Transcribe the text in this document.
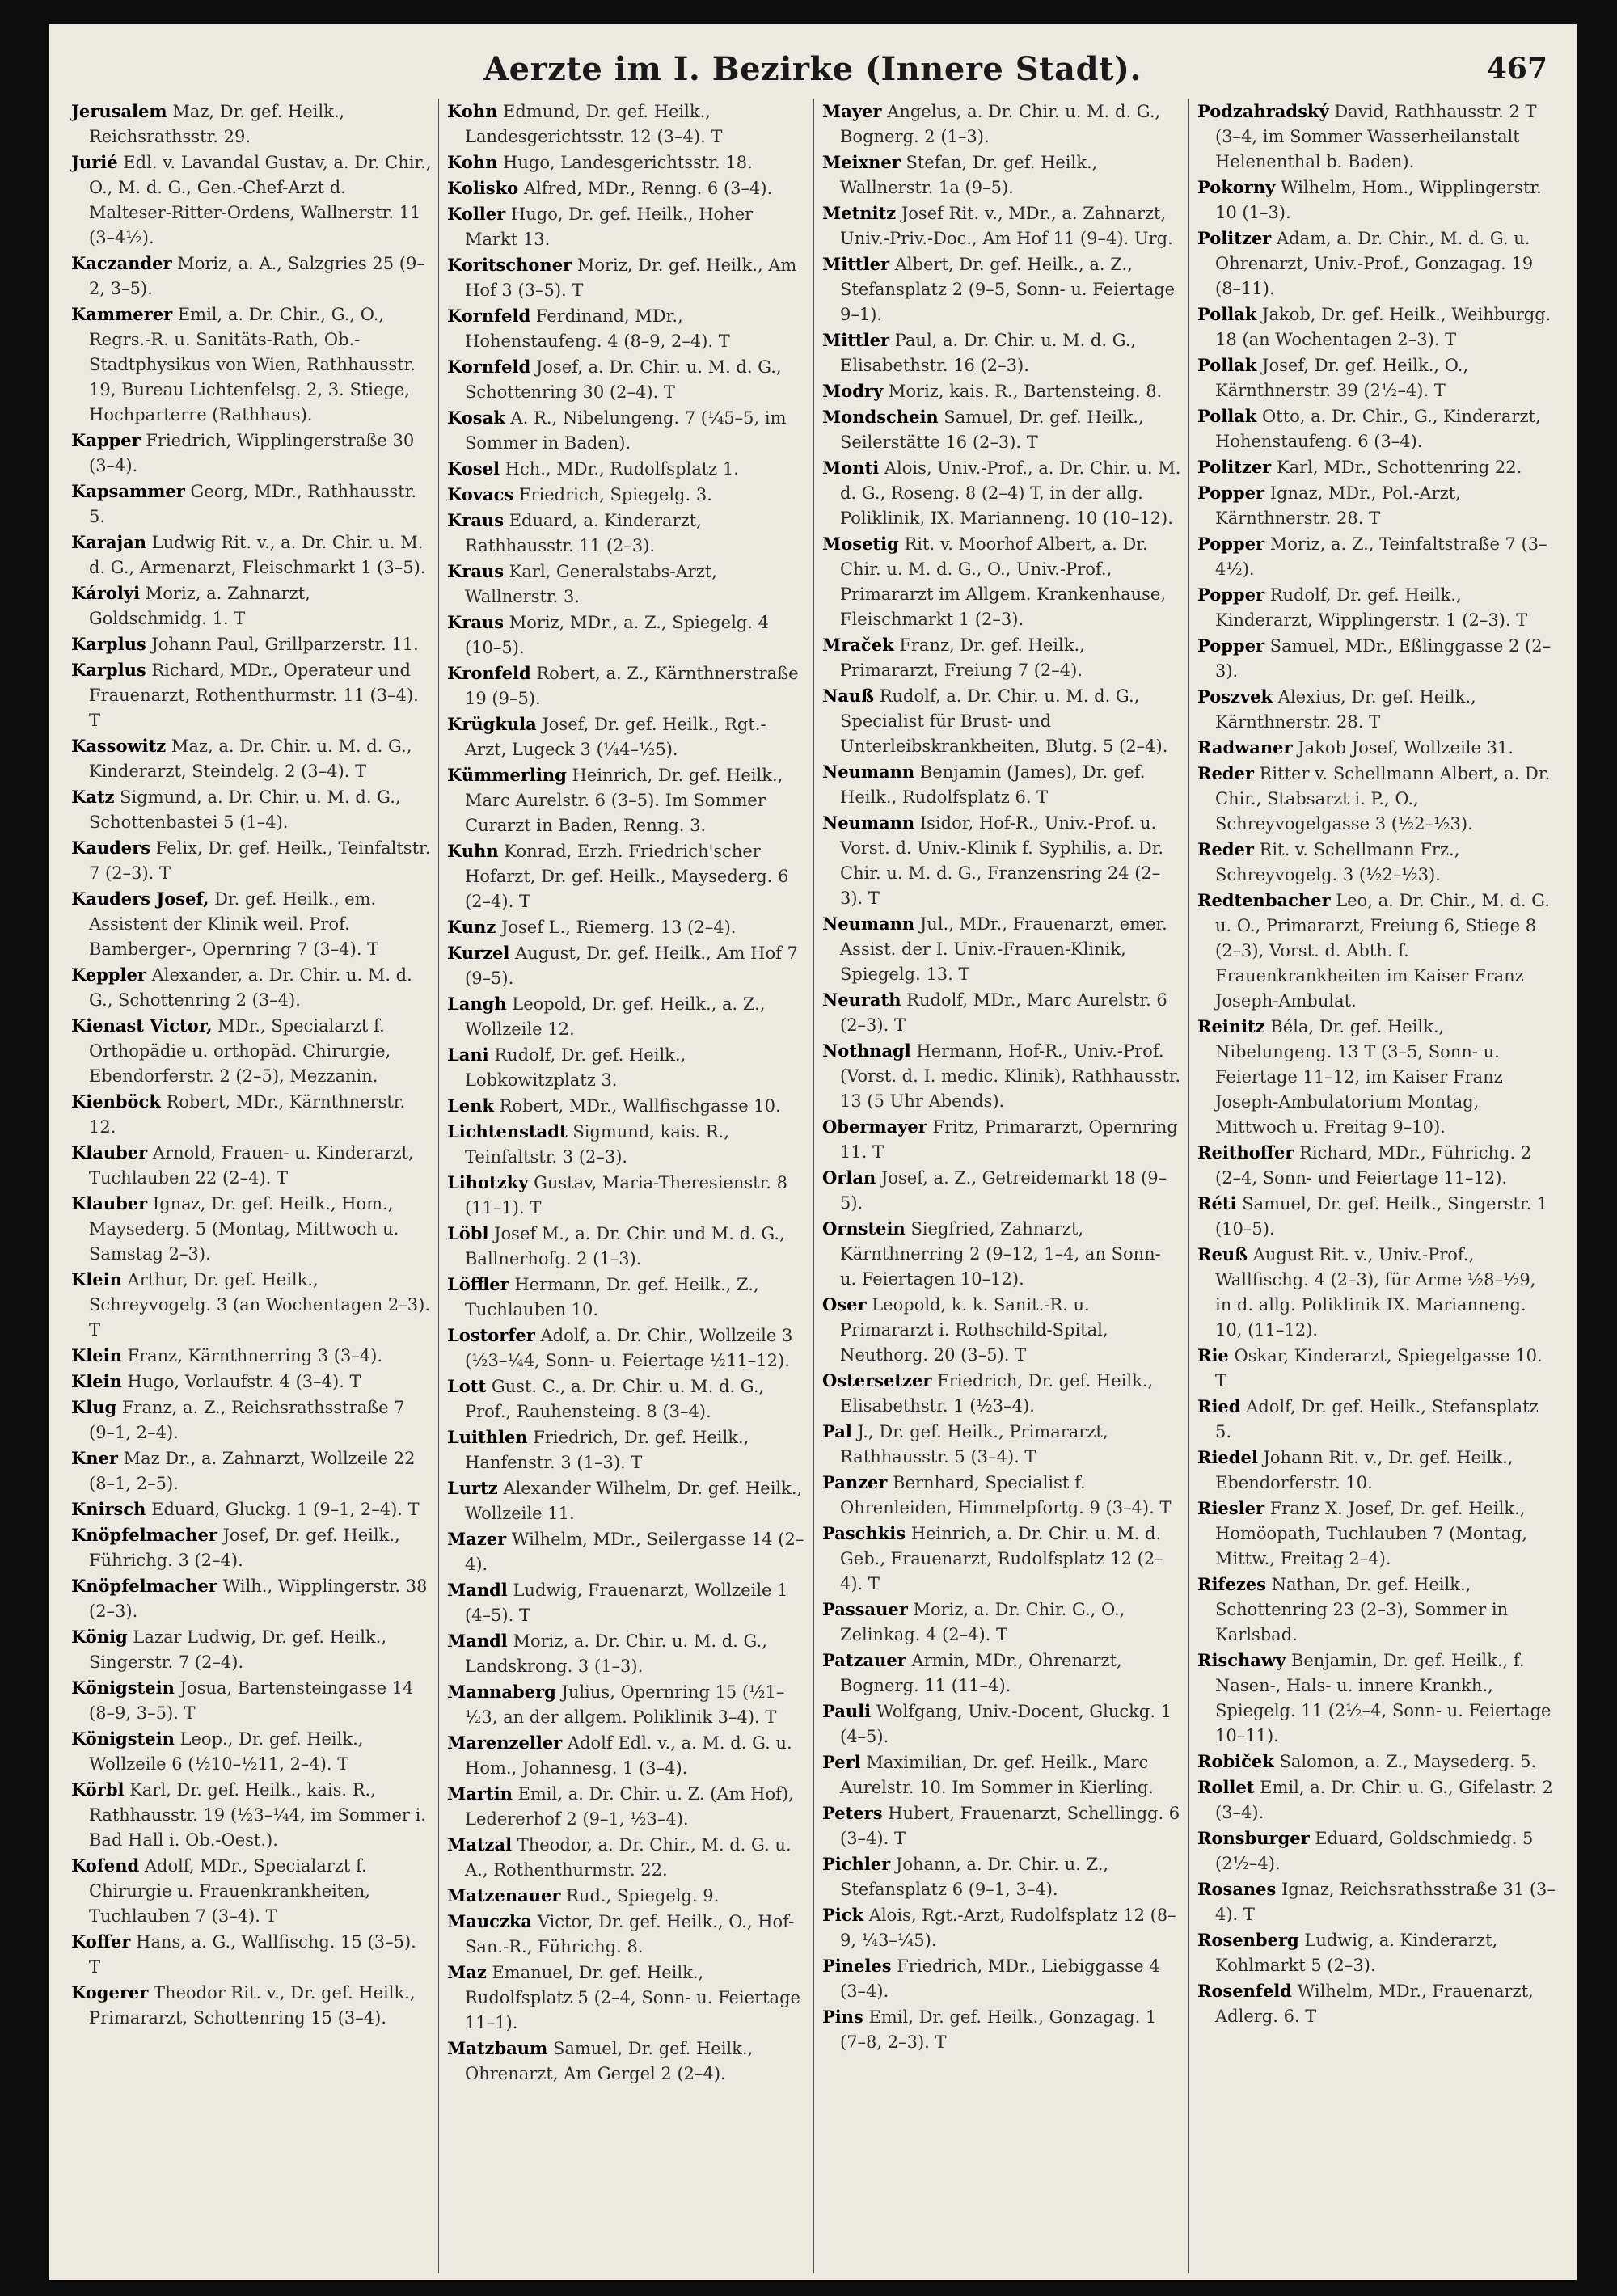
Aerzte im I. Bezirke (Innere Stadt).	467

Jerusalem Maz, Dr. gef. Heilk., Reichsrathsstr. 29.

Jurié Edl. v. Lavandal Gustav, a. Dr. Chir., O., M. d. G., Gen.-Chef-Arzt d. Malteser-Ritter-Ordens, Wallnerstr. 11 (3–4½).

Kaczander Moriz, a. A., Salzgries 25 (9–2, 3–5).

Kammerer Emil, a. Dr. Chir., G., O., Regrs.-R. u. Sanitäts-Rath, Ob.-Stadtphysikus von Wien, Rathhausstr. 19, Bureau Lichtenfelsg. 2, 3. Stiege, Hochparterre (Rathhaus).

Kapper Friedrich, Wipplingerstraße 30 (3–4).

Kapsammer Georg, MDr., Rathhausstr. 5.

Karajan Ludwig Rit. v., a. Dr. Chir. u. M. d. G., Armenarzt, Fleischmarkt 1 (3–5).

Károlyi Moriz, a. Zahnarzt, Goldschmidg. 1. T

Karplus Johann Paul, Grillparzerstr. 11.

Karplus Richard, MDr., Operateur und Frauenarzt, Rothenthurmstr. 11 (3–4). T

Kassowitz Maz, a. Dr. Chir. u. M. d. G., Kinderarzt, Steindelg. 2 (3–4). T

Katz Sigmund, a. Dr. Chir. u. M. d. G., Schottenbastei 5 (1–4).

Kauders Felix, Dr. gef. Heilk., Teinfaltstr. 7 (2–3). T

Kauders Josef, Dr. gef. Heilk., em. Assistent der Klinik weil. Prof. Bamberger-, Opernring 7 (3–4). T

Keppler Alexander, a. Dr. Chir. u. M. d. G., Schottenring 2 (3–4).

Kienast Victor, MDr., Specialarzt f. Orthopädie u. orthopäd. Chirurgie, Ebendorferstr. 2 (2–5), Mezzanin.

Kienböck Robert, MDr., Kärnthnerstr. 12.

Klauber Arnold, Frauen- u. Kinderarzt, Tuchlauben 22 (2–4). T

Klauber Ignaz, Dr. gef. Heilk., Hom., Maysederg. 5 (Montag, Mittwoch u. Samstag 2–3).

Klein Arthur, Dr. gef. Heilk., Schreyvogelg. 3 (an Wochentagen 2–3). T

Klein Franz, Kärnthnerring 3 (3–4).

Klein Hugo, Vorlaufstr. 4 (3–4). T

Klug Franz, a. Z., Reichsrathsstraße 7 (9–1, 2–4).

Kner Maz Dr., a. Zahnarzt, Wollzeile 22 (8–1, 2–5).

Knirsch Eduard, Gluckg. 1 (9–1, 2–4). T

Knöpfelmacher Josef, Dr. gef. Heilk., Führichg. 3 (2–4).

Knöpfelmacher Wilh., Wipplingerstr. 38 (2–3).

König Lazar Ludwig, Dr. gef. Heilk., Singerstr. 7 (2–4).

Königstein Josua, Bartensteingasse 14 (8–9, 3–5). T

Königstein Leop., Dr. gef. Heilk., Wollzeile 6 (½10–½11, 2–4). T

Körbl Karl, Dr. gef. Heilk., kais. R., Rathhausstr. 19 (½3–¼4, im Sommer i. Bad Hall i. Ob.-Oest.).

Kofend Adolf, MDr., Specialarzt f. Chirurgie u. Frauenkrankheiten, Tuchlauben 7 (3–4). T

Koffer Hans, a. G., Wallfischg. 15 (3–5). T

Kogerer Theodor Rit. v., Dr. gef. Heilk., Primararzt, Schottenring 15 (3–4).

Kohn Edmund, Dr. gef. Heilk., Landesgerichtsstr. 12 (3–4). T

Kohn Hugo, Landesgerichtsstr. 18.

Kolisko Alfred, MDr., Renng. 6 (3–4).

Koller Hugo, Dr. gef. Heilk., Hoher Markt 13.

Koritschoner Moriz, Dr. gef. Heilk., Am Hof 3 (3–5). T

Kornfeld Ferdinand, MDr., Hohenstaufeng. 4 (8–9, 2–4). T

Kornfeld Josef, a. Dr. Chir. u. M. d. G., Schottenring 30 (2–4). T

Kosak A. R., Nibelungeng. 7 (¼5–5, im Sommer in Baden).

Kosel Hch., MDr., Rudolfsplatz 1.

Kovacs Friedrich, Spiegelg. 3.

Kraus Eduard, a. Kinderarzt, Rathhausstr. 11 (2–3).

Kraus Karl, Generalstabs-Arzt, Wallnerstr. 3.

Kraus Moriz, MDr., a. Z., Spiegelg. 4 (10–5).

Kronfeld Robert, a. Z., Kärnthnerstraße 19 (9–5).

Krügkula Josef, Dr. gef. Heilk., Rgt.-Arzt, Lugeck 3 (¼4–½5).

Kümmerling Heinrich, Dr. gef. Heilk., Marc Aurelstr. 6 (3–5). Im Sommer Curarzt in Baden, Renng. 3.

Kuhn Konrad, Erzh. Friedrich'scher Hofarzt, Dr. gef. Heilk., Maysederg. 6 (2–4). T

Kunz Josef L., Riemerg. 13 (2–4).

Kurzel August, Dr. gef. Heilk., Am Hof 7 (9–5).

Langh Leopold, Dr. gef. Heilk., a. Z., Wollzeile 12.

Lani Rudolf, Dr. gef. Heilk., Lobkowitzplatz 3.

Lenk Robert, MDr., Wallfischgasse 10.

Lichtenstadt Sigmund, kais. R., Teinfaltstr. 3 (2–3).

Lihotzky Gustav, Maria-Theresienstr. 8 (11–1). T

Löbl Josef M., a. Dr. Chir. und M. d. G., Ballnerhofg. 2 (1–3).

Löffler Hermann, Dr. gef. Heilk., Z., Tuchlauben 10.

Lostorfer Adolf, a. Dr. Chir., Wollzeile 3 (½3–¼4, Sonn- u. Feiertage ½11–12).

Lott Gust. C., a. Dr. Chir. u. M. d. G., Prof., Rauhensteing. 8 (3–4).

Luithlen Friedrich, Dr. gef. Heilk., Hanfenstr. 3 (1–3). T

Lurtz Alexander Wilhelm, Dr. gef. Heilk., Wollzeile 11.

Mazer Wilhelm, MDr., Seilergasse 14 (2–4).

Mandl Ludwig, Frauenarzt, Wollzeile 1 (4–5). T

Mandl Moriz, a. Dr. Chir. u. M. d. G., Landskrong. 3 (1–3).

Mannaberg Julius, Opernring 15 (½1–½3, an der allgem. Poliklinik 3–4). T

Marenzeller Adolf Edl. v., a. M. d. G. u. Hom., Johannesg. 1 (3–4).

Martin Emil, a. Dr. Chir. u. Z. (Am Hof), Ledererhof 2 (9–1, ½3–4).

Matzal Theodor, a. Dr. Chir., M. d. G. u. A., Rothenthurmstr. 22.

Matzenauer Rud., Spiegelg. 9.

Mauczka Victor, Dr. gef. Heilk., O., Hof-San.-R., Führichg. 8.

Maz Emanuel, Dr. gef. Heilk., Rudolfsplatz 5 (2–4, Sonn- u. Feiertage 11–1).

Matzbaum Samuel, Dr. gef. Heilk., Ohrenarzt, Am Gergel 2 (2–4).

Mayer Angelus, a. Dr. Chir. u. M. d. G., Bognerg. 2 (1–3).

Meixner Stefan, Dr. gef. Heilk., Wallnerstr. 1a (9–5).

Metnitz Josef Rit. v., MDr., a. Zahnarzt, Univ.-Priv.-Doc., Am Hof 11 (9–4). Urg.

Mittler Albert, Dr. gef. Heilk., a. Z., Stefansplatz 2 (9–5, Sonn- u. Feiertage 9–1).

Mittler Paul, a. Dr. Chir. u. M. d. G., Elisabethstr. 16 (2–3).

Modry Moriz, kais. R., Bartensteing. 8.

Mondschein Samuel, Dr. gef. Heilk., Seilerstätte 16 (2–3). T

Monti Alois, Univ.-Prof., a. Dr. Chir. u. M. d. G., Roseng. 8 (2–4) T, in der allg. Poliklinik, IX. Marianneng. 10 (10–12).

Mosetig Rit. v. Moorhof Albert, a. Dr. Chir. u. M. d. G., O., Univ.-Prof., Primararzt im Allgem. Krankenhause, Fleischmarkt 1 (2–3).

Mraček Franz, Dr. gef. Heilk., Primararzt, Freiung 7 (2–4).

Nauß Rudolf, a. Dr. Chir. u. M. d. G., Specialist für Brust- und Unterleibskrankheiten, Blutg. 5 (2–4).

Neumann Benjamin (James), Dr. gef. Heilk., Rudolfsplatz 6. T

Neumann Isidor, Hof-R., Univ.-Prof. u. Vorst. d. Univ.-Klinik f. Syphilis, a. Dr. Chir. u. M. d. G., Franzensring 24 (2–3). T

Neumann Jul., MDr., Frauenarzt, emer. Assist. der I. Univ.-Frauen-Klinik, Spiegelg. 13. T

Neurath Rudolf, MDr., Marc Aurelstr. 6 (2–3). T

Nothnagl Hermann, Hof-R., Univ.-Prof. (Vorst. d. I. medic. Klinik), Rathhausstr. 13 (5 Uhr Abends).

Obermayer Fritz, Primararzt, Opernring 11. T

Orlan Josef, a. Z., Getreidemarkt 18 (9–5).

Ornstein Siegfried, Zahnarzt, Kärnthnerring 2 (9–12, 1–4, an Sonn- u. Feiertagen 10–12).

Oser Leopold, k. k. Sanit.-R. u. Primararzt i. Rothschild-Spital, Neuthorg. 20 (3–5). T

Ostersetzer Friedrich, Dr. gef. Heilk., Elisabethstr. 1 (½3–4).

Pal J., Dr. gef. Heilk., Primararzt, Rathhausstr. 5 (3–4). T

Panzer Bernhard, Specialist f. Ohrenleiden, Himmelpfortg. 9 (3–4). T

Paschkis Heinrich, a. Dr. Chir. u. M. d. Geb., Frauenarzt, Rudolfsplatz 12 (2–4). T

Passauer Moriz, a. Dr. Chir. G., O., Zelinkag. 4 (2–4). T

Patzauer Armin, MDr., Ohrenarzt, Bognerg. 11 (11–4).

Pauli Wolfgang, Univ.-Docent, Gluckg. 1 (4–5).

Perl Maximilian, Dr. gef. Heilk., Marc Aurelstr. 10. Im Sommer in Kierling.

Peters Hubert, Frauenarzt, Schellingg. 6 (3–4). T

Pichler Johann, a. Dr. Chir. u. Z., Stefansplatz 6 (9–1, 3–4).

Pick Alois, Rgt.-Arzt, Rudolfsplatz 12 (8–9, ¼3–¼5).

Pineles Friedrich, MDr., Liebiggasse 4 (3–4).

Pins Emil, Dr. gef. Heilk., Gonzagag. 1 (7–8, 2–3). T

Podzahradský David, Rathhausstr. 2 T (3–4, im Sommer Wasserheilanstalt Helenenthal b. Baden).

Pokorny Wilhelm, Hom., Wipplingerstr. 10 (1–3).

Politzer Adam, a. Dr. Chir., M. d. G. u. Ohrenarzt, Univ.-Prof., Gonzagag. 19 (8–11).

Pollak Jakob, Dr. gef. Heilk., Weihburgg. 18 (an Wochentagen 2–3). T

Pollak Josef, Dr. gef. Heilk., O., Kärnthnerstr. 39 (2½–4). T

Pollak Otto, a. Dr. Chir., G., Kinderarzt, Hohenstaufeng. 6 (3–4).

Politzer Karl, MDr., Schottenring 22.

Popper Ignaz, MDr., Pol.-Arzt, Kärnthnerstr. 28. T

Popper Moriz, a. Z., Teinfaltstraße 7 (3–4½).

Popper Rudolf, Dr. gef. Heilk., Kinderarzt, Wipplingerstr. 1 (2–3). T

Popper Samuel, MDr., Eßlinggasse 2 (2–3).

Poszvek Alexius, Dr. gef. Heilk., Kärnthnerstr. 28. T

Radwaner Jakob Josef, Wollzeile 31.

Reder Ritter v. Schellmann Albert, a. Dr. Chir., Stabsarzt i. P., O., Schreyvogelgasse 3 (½2–½3).

Reder Rit. v. Schellmann Frz., Schreyvogelg. 3 (½2–½3).

Redtenbacher Leo, a. Dr. Chir., M. d. G. u. O., Primararzt, Freiung 6, Stiege 8 (2–3), Vorst. d. Abth. f. Frauenkrankheiten im Kaiser Franz Joseph-Ambulat.

Reinitz Béla, Dr. gef. Heilk., Nibelungeng. 13 T (3–5, Sonn- u. Feiertage 11–12, im Kaiser Franz Joseph-Ambulatorium Montag, Mittwoch u. Freitag 9–10).

Reithoffer Richard, MDr., Führichg. 2 (2–4, Sonn- und Feiertage 11–12).

Réti Samuel, Dr. gef. Heilk., Singerstr. 1 (10–5).

Reuß August Rit. v., Univ.-Prof., Wallfischg. 4 (2–3), für Arme ½8–½9, in d. allg. Poliklinik IX. Marianneng. 10, (11–12).

Rie Oskar, Kinderarzt, Spiegelgasse 10. T

Ried Adolf, Dr. gef. Heilk., Stefansplatz 5.

Riedel Johann Rit. v., Dr. gef. Heilk., Ebendorferstr. 10.

Riesler Franz X. Josef, Dr. gef. Heilk., Homöopath, Tuchlauben 7 (Montag, Mittw., Freitag 2–4).

Rifezes Nathan, Dr. gef. Heilk., Schottenring 23 (2–3), Sommer in Karlsbad.

Rischawy Benjamin, Dr. gef. Heilk., f. Nasen-, Hals- u. innere Krankh., Spiegelg. 11 (2½–4, Sonn- u. Feiertage 10–11).

Robiček Salomon, a. Z., Maysederg. 5.

Rollet Emil, a. Dr. Chir. u. G., Gifelastr. 2 (3–4).

Ronsburger Eduard, Goldschmiedg. 5 (2½–4).

Rosanes Ignaz, Reichsrathsstraße 31 (3–4). T

Rosenberg Ludwig, a. Kinderarzt, Kohlmarkt 5 (2–3).

Rosenfeld Wilhelm, MDr., Frauenarzt, Adlerg. 6. T
